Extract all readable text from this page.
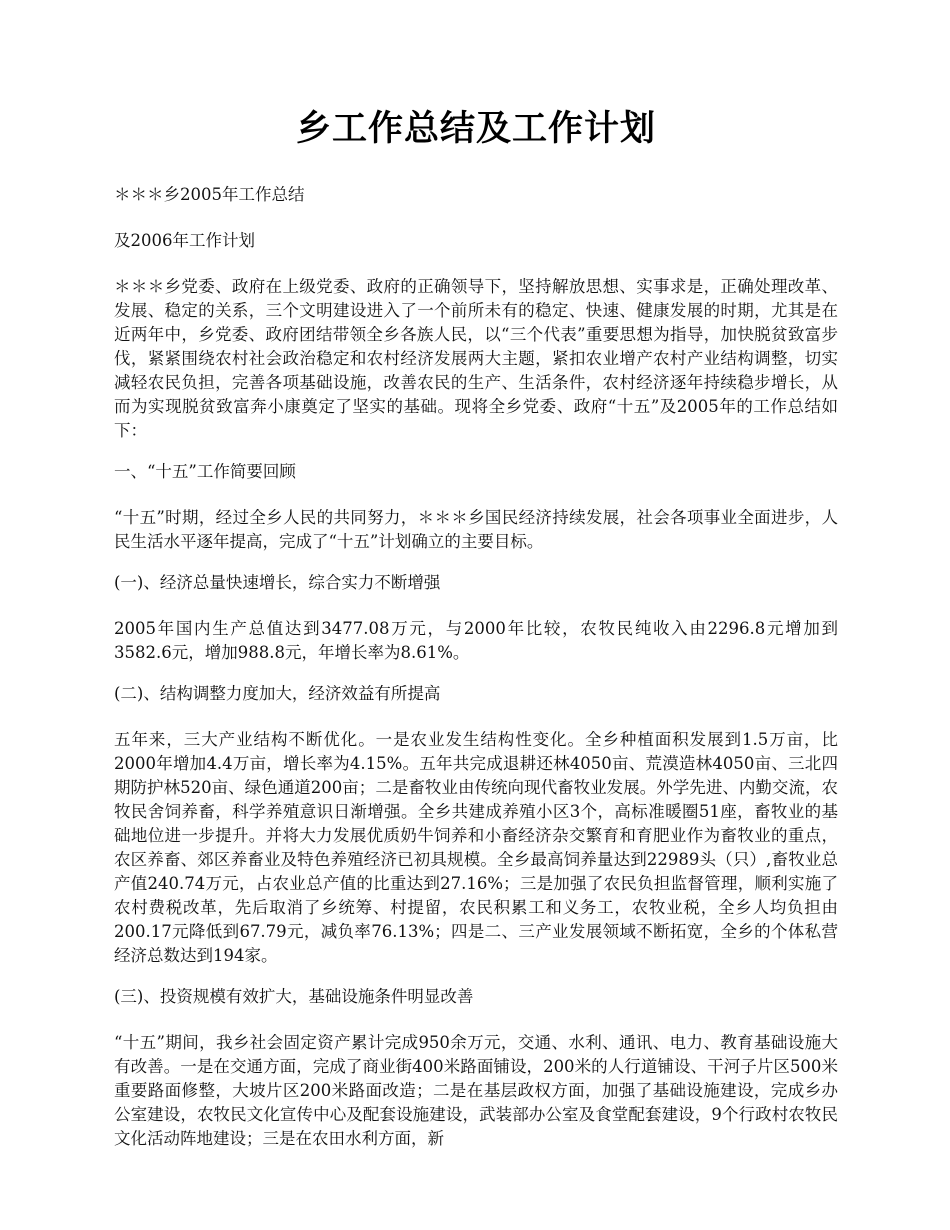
乡工作总结及工作计划

＊＊＊乡2005年工作总结

及2006年工作计划

＊＊＊乡党委、政府在上级党委、政府的正确领导下，坚持解放思想、实事求是，正确处理改革、发展、稳定的关系，三个文明建设进入了一个前所未有的稳定、快速、健康发展的时期，尤其是在近两年中，乡党委、政府团结带领全乡各族人民，以“三个代表”重要思想为指导，加快脱贫致富步伐，紧紧围绕农村社会政治稳定和农村经济发展两大主题，紧扣农业增产农村产业结构调整，切实减轻农民负担，完善各项基础设施，改善农民的生产、生活条件，农村经济逐年持续稳步增长，从而为实现脱贫致富奔小康奠定了坚实的基础。现将全乡党委、政府“十五”及2005年的工作总结如下：

一、“十五”工作简要回顾

“十五”时期，经过全乡人民的共同努力，＊＊＊乡国民经济持续发展，社会各项事业全面进步，人民生活水平逐年提高，完成了“十五”计划确立的主要目标。

(一)、经济总量快速增长，综合实力不断增强

2005年国内生产总值达到3477.08万元，与2000年比较，农牧民纯收入由2296.8元增加到3582.6元，增加988.8元，年增长率为8.61%。

(二)、结构调整力度加大，经济效益有所提高

五年来，三大产业结构不断优化。一是农业发生结构性变化。全乡种植面积发展到1.5万亩，比2000年增加4.4万亩，增长率为4.15%。五年共完成退耕还林4050亩、荒漠造林4050亩、三北四期防护林520亩、绿色通道200亩；二是畜牧业由传统向现代畜牧业发展。外学先进、内勤交流，农牧民舍饲养畜，科学养殖意识日渐增强。全乡共建成养殖小区3个，高标准暖圈51座，畜牧业的基础地位进一步提升。并将大力发展优质奶牛饲养和小畜经济杂交繁育和育肥业作为畜牧业的重点，农区养畜、郊区养畜业及特色养殖经济已初具规模。全乡最高饲养量达到22989头（只）,畜牧业总产值240.74万元，占农业总产值的比重达到27.16%；三是加强了农民负担监督管理，顺利实施了农村费税改革，先后取消了乡统筹、村提留，农民积累工和义务工，农牧业税，全乡人均负担由200.17元降低到67.79元，减负率76.13%；四是二、三产业发展领域不断拓宽，全乡的个体私营经济总数达到194家。

(三)、投资规模有效扩大，基础设施条件明显改善

“十五”期间，我乡社会固定资产累计完成950余万元，交通、水利、通讯、电力、教育基础设施大有改善。一是在交通方面，完成了商业街400米路面铺设，200米的人行道铺设、干河子片区500米重要路面修整，大坡片区200米路面改造；二是在基层政权方面，加强了基础设施建设，完成乡办公室建设，农牧民文化宣传中心及配套设施建设，武装部办公室及食堂配套建设，9个行政村农牧民文化活动阵地建设；三是在农田水利方面，新
